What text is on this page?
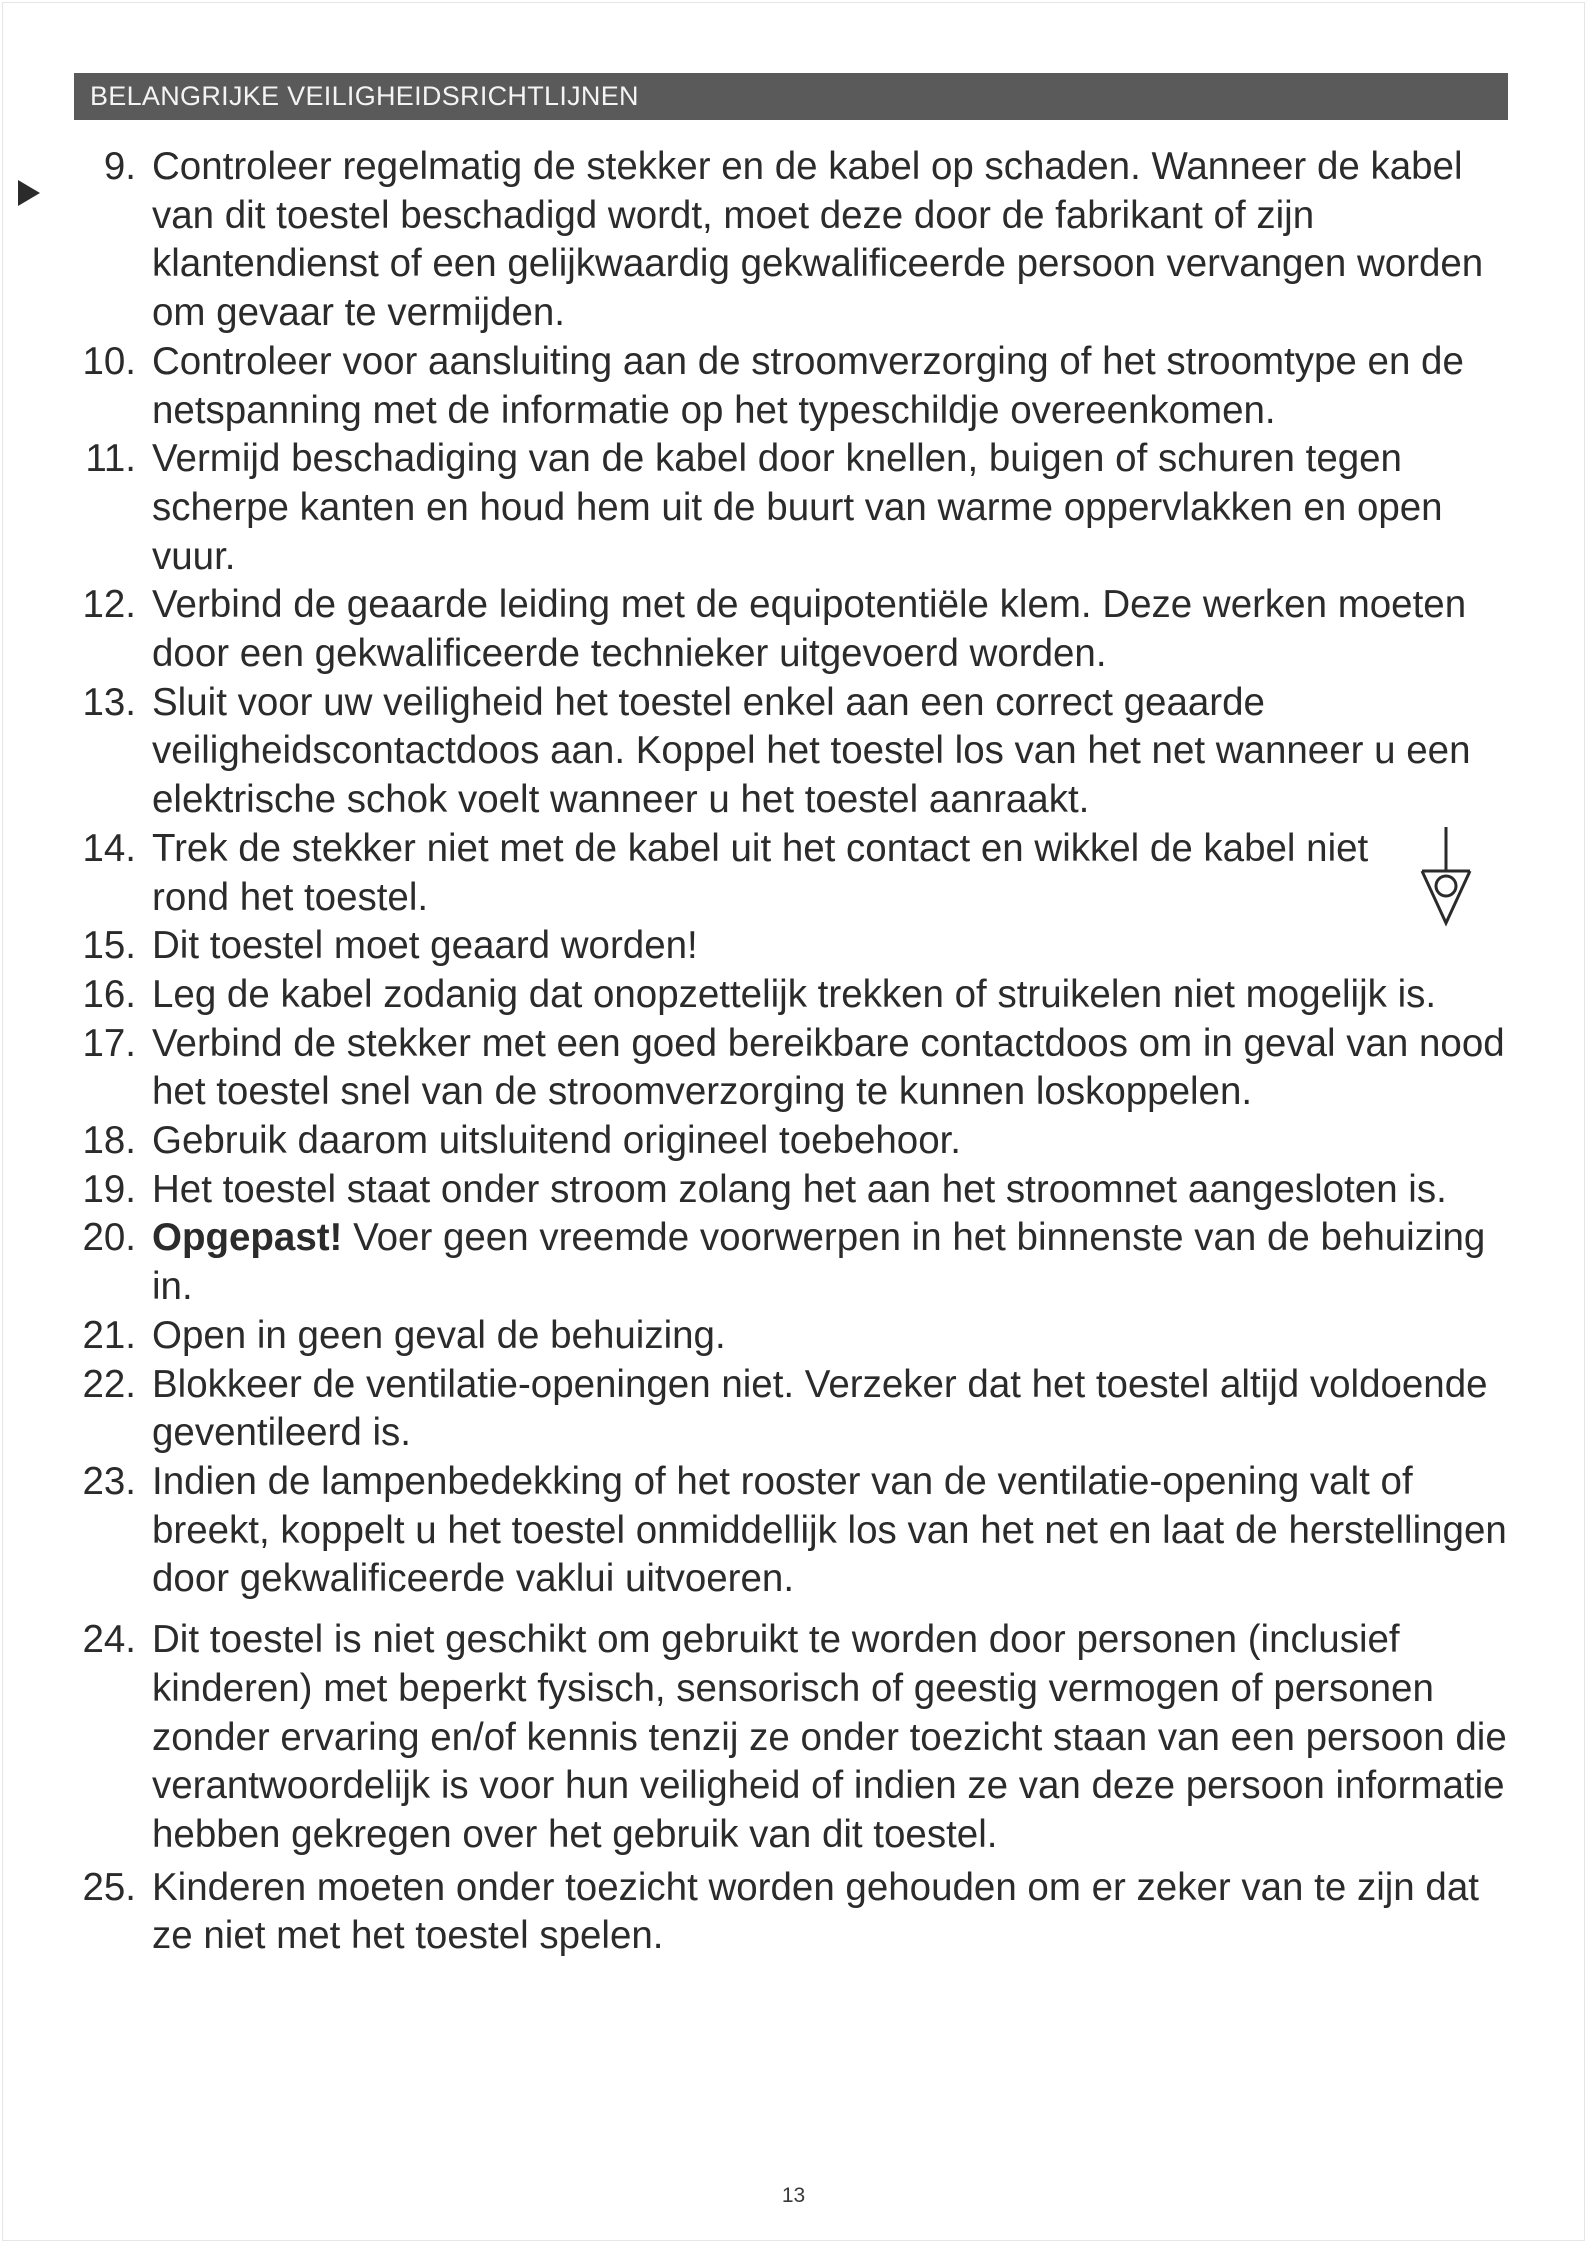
BELANGRIJKE VEILIGHEIDSRICHTLIJNEN
9. Controleer regelmatig de stekker en de kabel op schaden. Wanneer de kabel van dit toestel beschadigd wordt, moet deze door de fabrikant of zijn klantendienst of een gelijkwaardig gekwalificeerde persoon vervangen worden om gevaar te vermijden.
10. Controleer voor aansluiting aan de stroomverzorging of het stroomtype en de netspanning met de informatie op het typeschildje overeenkomen.
11. Vermijd beschadiging van de kabel door knellen, buigen of schuren tegen scherpe kanten en houd hem uit de buurt van warme oppervlakken en open vuur.
12. Verbind de geaarde leiding met de equipotentiële klem. Deze werken moeten door een gekwalificeerde technieker uitgevoerd worden.
13. Sluit voor uw veiligheid het toestel enkel aan een correct geaarde veiligheidscontactdoos aan. Koppel het toestel los van het net wanneer u een elektrische schok voelt wanneer u het toestel aanraakt.
14. Trek de stekker niet met de kabel uit het contact en wikkel de kabel niet rond het toestel.
15. Dit toestel moet geaard worden!
16. Leg de kabel zodanig dat onopzettelijk trekken of struikelen niet mogelijk is.
17. Verbind de stekker met een goed bereikbare contactdoos om in geval van nood het toestel snel van de stroomverzorging te kunnen loskoppelen.
18. Gebruik daarom uitsluitend origineel toebehoor.
19. Het toestel staat onder stroom zolang het aan het stroomnet aangesloten is.
20. Opgepast! Voer geen vreemde voorwerpen in het binnenste van de behuizing in.
21. Open in geen geval de behuizing.
22. Blokkeer de ventilatie-openingen niet. Verzeker dat het toestel altijd voldoende geventileerd is.
23. Indien de lampenbedekking of het rooster van de ventilatie-opening valt of breekt, koppelt u het toestel onmiddellijk los van het net en laat de herstellingen door gekwalificeerde vaklui uitvoeren.
24. Dit toestel is niet geschikt om gebruikt te worden door personen (inclusief kinderen) met beperkt fysisch, sensorisch of geestig vermogen of personen zonder ervaring en/of kennis tenzij ze onder toezicht staan van een persoon die verantwoordelijk is voor hun veiligheid of indien ze van deze persoon informatie hebben gekregen over het gebruik van dit toestel.
25. Kinderen moeten onder toezicht worden gehouden om er zeker van te zijn dat ze niet met het toestel spelen.
13
